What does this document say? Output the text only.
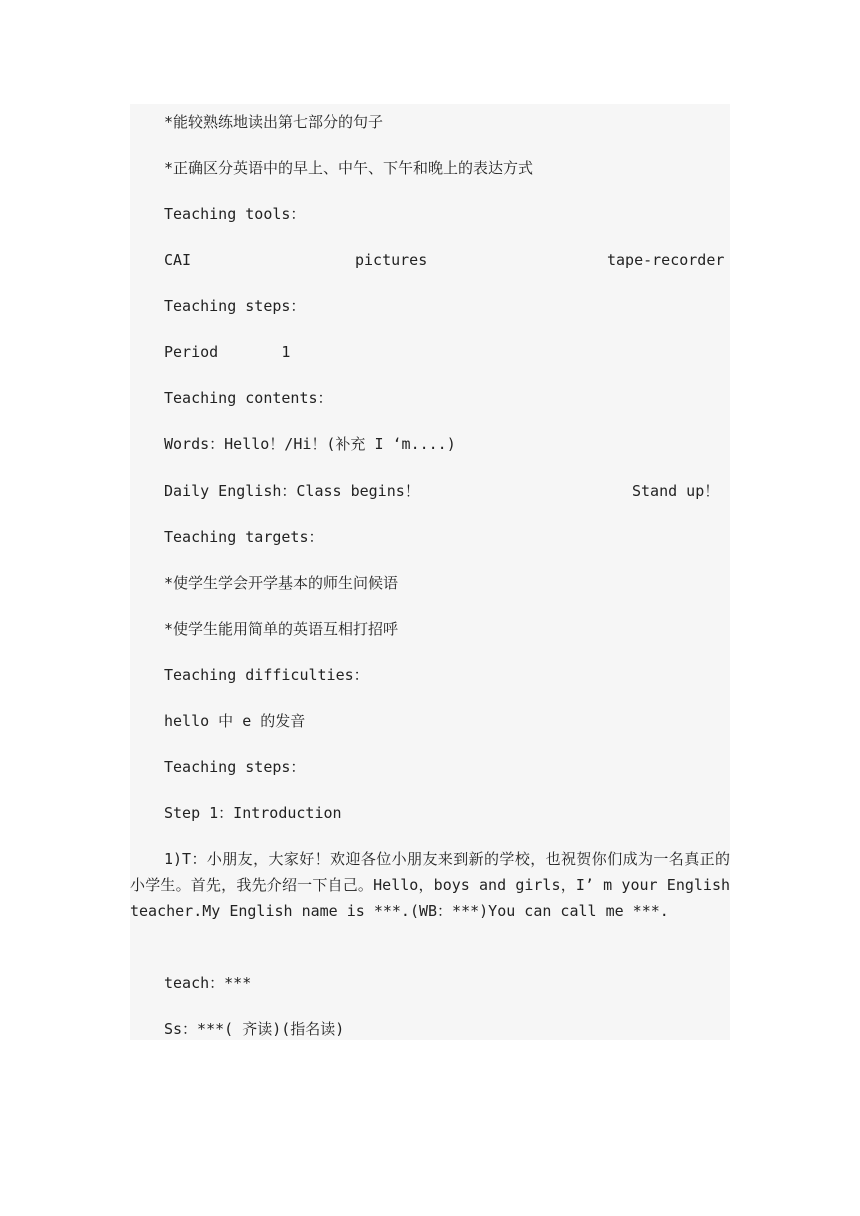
*能较熟练地读出第七部分的句子
*正确区分英语中的早上、中午、下午和晚上的表达方式
Teaching tools：

CAI

	pictures

	tape-recorder

Teaching steps：
Period       1
Teaching contents：
Words：Hello！/Hi！(补充 I ‘m....)

Daily English：Class begins！

	Stand up！

Teaching targets：
*使学生学会开学基本的师生问候语
*使学生能用简单的英语互相打招呼
Teaching difficulties：
hello 中 e 的发音
Teaching steps：
Step 1：Introduction
1)T：小朋友，大家好！欢迎各位小朋友来到新的学校，也祝贺你们成为一名真正的小学生。首先，我先介绍一下自己。Hello，boys and girls，I’ m your English teacher.My English name is ***.(WB：***)You can call me ***.
teach：***
Ss：***( 齐读)(指名读)
